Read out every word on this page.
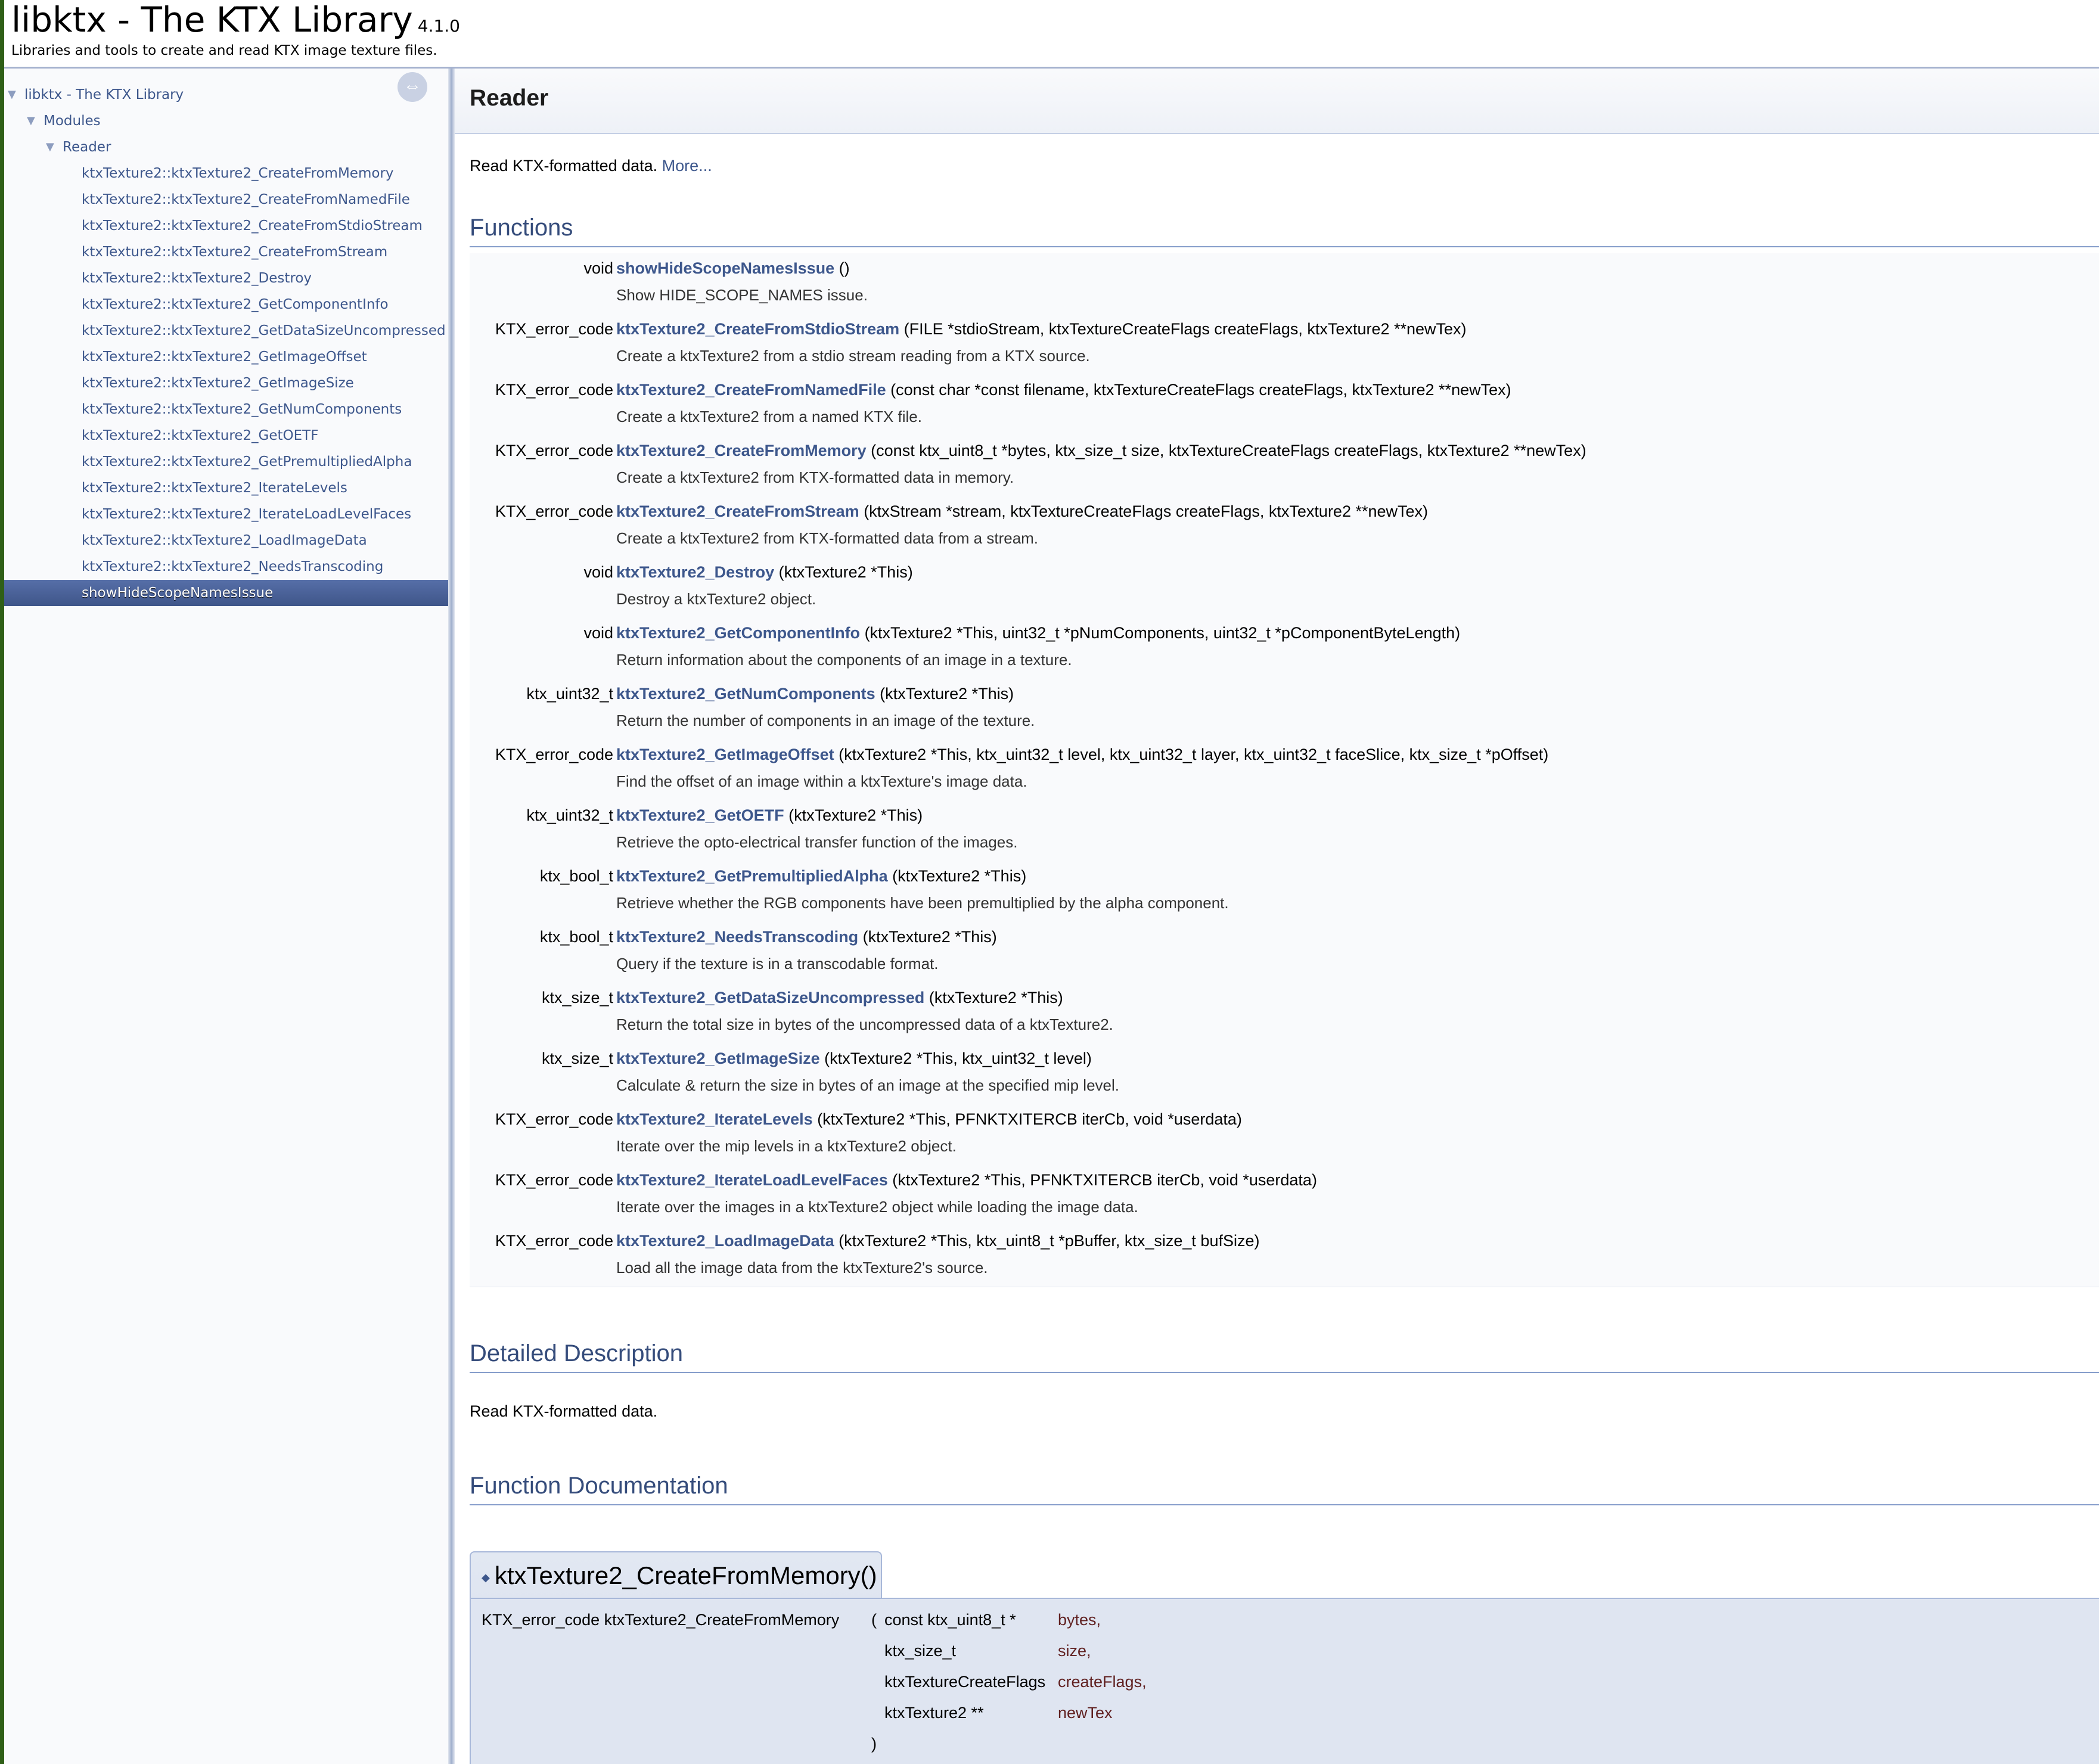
libktx - The KTX Library 4.1.0
Libraries and tools to create and read KTX image texture files.
⇔
▼ libktx - The KTX Library
▼ Modules
▼ Reader
ktxTexture2::ktxTexture2_CreateFromMemory
ktxTexture2::ktxTexture2_CreateFromNamedFile
ktxTexture2::ktxTexture2_CreateFromStdioStream
ktxTexture2::ktxTexture2_CreateFromStream
ktxTexture2::ktxTexture2_Destroy
ktxTexture2::ktxTexture2_GetComponentInfo
ktxTexture2::ktxTexture2_GetDataSizeUncompressed
ktxTexture2::ktxTexture2_GetImageOffset
ktxTexture2::ktxTexture2_GetImageSize
ktxTexture2::ktxTexture2_GetNumComponents
ktxTexture2::ktxTexture2_GetOETF
ktxTexture2::ktxTexture2_GetPremultipliedAlpha
ktxTexture2::ktxTexture2_IterateLevels
ktxTexture2::ktxTexture2_IterateLoadLevelFaces
ktxTexture2::ktxTexture2_LoadImageData
ktxTexture2::ktxTexture2_NeedsTranscoding
showHideScopeNamesIssue
Reader
Read KTX-formatted data. More...
Functions
void showHideScopeNamesIssue ()
Show HIDE_SCOPE_NAMES issue.
KTX_error_code ktxTexture2_CreateFromStdioStream (FILE *stdioStream, ktxTextureCreateFlags createFlags, ktxTexture2 **newTex)
Create a ktxTexture2 from a stdio stream reading from a KTX source.
KTX_error_code ktxTexture2_CreateFromNamedFile (const char *const filename, ktxTextureCreateFlags createFlags, ktxTexture2 **newTex)
Create a ktxTexture2 from a named KTX file.
KTX_error_code ktxTexture2_CreateFromMemory (const ktx_uint8_t *bytes, ktx_size_t size, ktxTextureCreateFlags createFlags, ktxTexture2 **newTex)
Create a ktxTexture2 from KTX-formatted data in memory.
KTX_error_code ktxTexture2_CreateFromStream (ktxStream *stream, ktxTextureCreateFlags createFlags, ktxTexture2 **newTex)
Create a ktxTexture2 from KTX-formatted data from a stream.
void ktxTexture2_Destroy (ktxTexture2 *This)
Destroy a ktxTexture2 object.
void ktxTexture2_GetComponentInfo (ktxTexture2 *This, uint32_t *pNumComponents, uint32_t *pComponentByteLength)
Return information about the components of an image in a texture.
ktx_uint32_t ktxTexture2_GetNumComponents (ktxTexture2 *This)
Return the number of components in an image of the texture.
KTX_error_code ktxTexture2_GetImageOffset (ktxTexture2 *This, ktx_uint32_t level, ktx_uint32_t layer, ktx_uint32_t faceSlice, ktx_size_t *pOffset)
Find the offset of an image within a ktxTexture's image data.
ktx_uint32_t ktxTexture2_GetOETF (ktxTexture2 *This)
Retrieve the opto-electrical transfer function of the images.
ktx_bool_t ktxTexture2_GetPremultipliedAlpha (ktxTexture2 *This)
Retrieve whether the RGB components have been premultiplied by the alpha component.
ktx_bool_t ktxTexture2_NeedsTranscoding (ktxTexture2 *This)
Query if the texture is in a transcodable format.
ktx_size_t ktxTexture2_GetDataSizeUncompressed (ktxTexture2 *This)
Return the total size in bytes of the uncompressed data of a ktxTexture2.
ktx_size_t ktxTexture2_GetImageSize (ktxTexture2 *This, ktx_uint32_t level)
Calculate & return the size in bytes of an image at the specified mip level.
KTX_error_code ktxTexture2_IterateLevels (ktxTexture2 *This, PFNKTXITERCB iterCb, void *userdata)
Iterate over the mip levels in a ktxTexture2 object.
KTX_error_code ktxTexture2_IterateLoadLevelFaces (ktxTexture2 *This, PFNKTXITERCB iterCb, void *userdata)
Iterate over the images in a ktxTexture2 object while loading the image data.
KTX_error_code ktxTexture2_LoadImageData (ktxTexture2 *This, ktx_uint8_t *pBuffer, ktx_size_t bufSize)
Load all the image data from the ktxTexture2's source.
Detailed Description
Read KTX-formatted data.
Function Documentation
◆ ktxTexture2_CreateFromMemory()
KTX_error_code ktxTexture2_CreateFromMemory ( const ktx_uint8_t *	bytes,
ktx_size_t	size,
ktxTextureCreateFlags createFlags,
ktxTexture2 **	newTex
)
